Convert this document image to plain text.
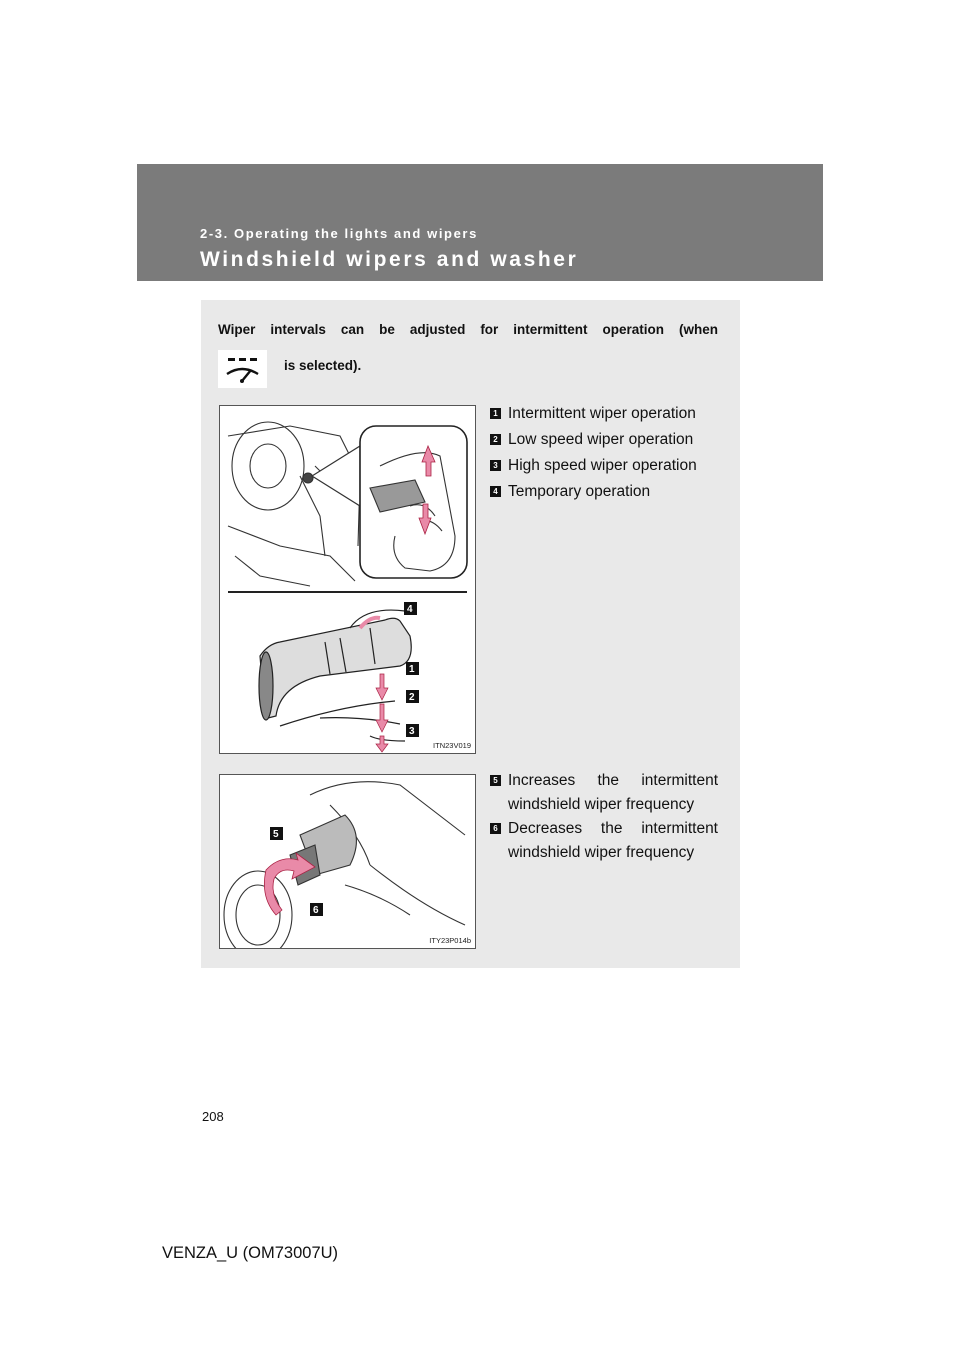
2-3. Operating the lights and wipers
Windshield wipers and washer
Wiper intervals can be adjusted for intermittent operation (when
is selected).
4
1
2
3
ITN23V019
1 Intermittent wiper operation
2 Low speed wiper operation
3 High speed wiper operation
4 Temporary operation
5
6
ITY23P014b
5 Increases the intermittent
windshield wiper frequency
6 Decreases the intermittent
windshield wiper frequency
208
VENZA_U (OM73007U)
